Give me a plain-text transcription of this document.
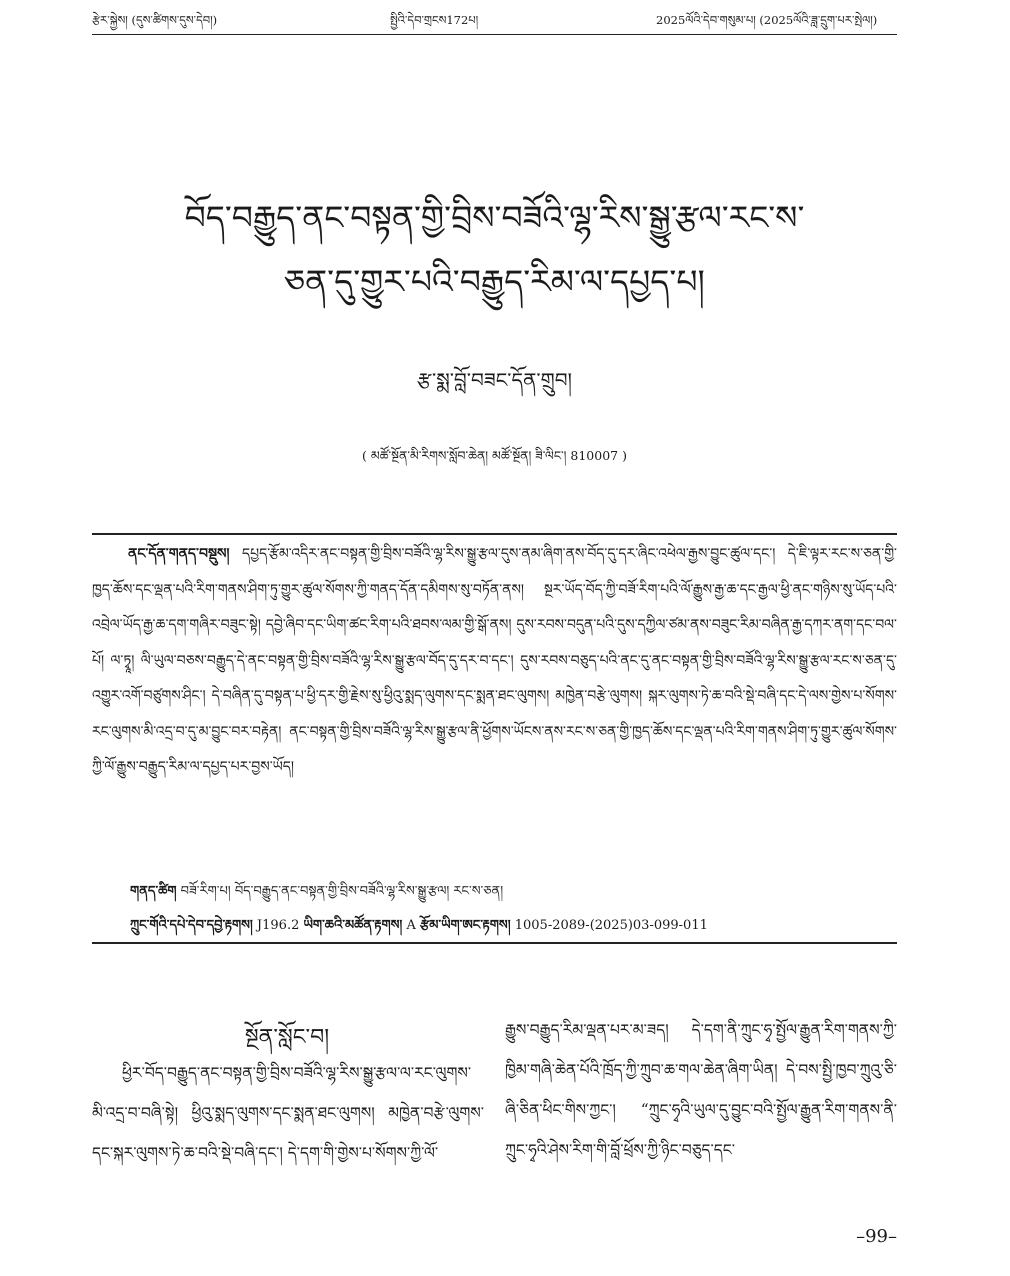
རྩེར་སྐྱེས། (དུས་ཚིགས་དུས་དེབ།)	སྤྱིའི་དེབ་གྲངས172པ།	2025ལོའི་དེབ་གསུམ་པ། (2025ལོའི་ཟླ་དྲུག་པར་སྤེལ།)
བོད་བརྒྱུད་ནང་བསྟན་གྱི་བྲིས་བཟོའི་ལྷ་རིས་སྒྱུ་རྩལ་རང་ས་
ཅན་དུ་གྱུར་པའི་བརྒྱུད་རིམ་ལ་དཔྱད་པ།
རྩ་སྨ་བློ་བཟང་དོན་གྲུབ།
( མཚོ་སྔོན་མི་རིགས་སློབ་ཆེན། མཚོ་སྔོན། ཟི་ལིང་། 810007 )
ནང་དོན་གནད་བསྡུས། དཔྱད་རྩོམ་འདིར་ནང་བསྟན་གྱི་བྲིས་བཟོའི་ལྷ་རིས་སྒྱུ་རྩལ་དུས་ནམ་ཞིག་ནས་བོད་དུ་དར་ཞིང་འཕེལ་རྒྱས་བྱུང་ཚུལ་དང་། དེ་ཇི་ལྟར་རང་ས་ཅན་གྱི་ཁྱད་ཆོས་དང་ལྡན་པའི་རིག་གནས་ཤིག་ཏུ་གྱུར་ཚུལ་སོགས་ཀྱི་གནད་དོན་དམིགས་སུ་བཏོན་ནས། སྔར་ཡོད་བོད་ཀྱི་བཟོ་རིག་པའི་ལོ་རྒྱུས་རྒྱ་ཆ་དང་རྒྱལ་ཕྱི་ནང་གཉིས་སུ་ཡོད་པའི་འབྲེལ་ཡོད་རྒྱ་ཆ་དག་གཞིར་བཟུང་སྟེ། དབྱེ་ཞིབ་དང་ཡིག་ཚང་རིག་པའི་ཐབས་ལམ་གྱི་སྒོ་ནས། དུས་རབས་བདུན་པའི་དུས་དཀྱིལ་ཙམ་ནས་བཟུང་རིམ་བཞིན་རྒྱ་དཀར་ནག་དང་བལ་པོ། ལ་ཏྭཱ། ལི་ཡུལ་བཅས་བརྒྱུད་དེ་ནང་བསྟན་གྱི་བྲིས་བཟོའི་ལྷ་རིས་སྒྱུ་རྩལ་བོད་དུ་དར་བ་དང་། དུས་རབས་བཅུད་པའི་ནང་དུ་ནང་བསྟན་གྱི་བྲིས་བཟོའི་ལྷ་རིས་སྒྱུ་རྩལ་རང་ས་ཅན་དུ་འགྱུར་འགོ་བཙུགས་ཤིང་། དེ་བཞིན་དུ་བསྟན་པ་ཕྱི་དར་གྱི་རྗེས་སུ་ཕྱིའུ་སྨད་ལུགས་དང་སྨན་ཐང་ལུགས། མཁྱེན་བརྩེ་ལུགས། སྐར་ལུགས་ཏེ་ཆ་བའི་སྡེ་བཞི་དང་དེ་ལས་གྱེས་པ་སོགས་རང་ལུགས་མི་འདྲ་བ་དུ་མ་བྱུང་བར་བརྟེན། ནང་བསྟན་གྱི་བྲིས་བཟོའི་ལྷ་རིས་སྒྱུ་རྩལ་ནི་ཕྱོགས་ཡོངས་ནས་རང་ས་ཅན་གྱི་ཁྱད་ཆོས་དང་ལྡན་པའི་རིག་གནས་ཤིག་ཏུ་གྱུར་ཚུལ་སོགས་ཀྱི་ལོ་རྒྱུས་བརྒྱུད་རིམ་ལ་དཔྱད་པར་བྱས་ཡོད།
གནད་ཚིག བཟོ་རིག་པ། བོད་བརྒྱུད་ནང་བསྟན་གྱི་བྲིས་བཟོའི་ལྷ་རིས་སྒྱུ་རྩལ། རང་ས་ཅན།
ཀྲུང་གོའི་དཔེ་དེབ་དབྱེ་རྟགས། J196.2 ཡིག་ཆའི་མཚོན་རྟགས། A རྩོམ་ཡིག་ཨང་རྟགས། 1005-2089-(2025)03-099-011
སྔོན་སློང་བ།
ཕྱིར་བོད་བརྒྱུད་ནང་བསྟན་གྱི་བྲིས་བཟོའི་ལྷ་རིས་སྒྱུ་རྩལ་ལ་རང་ལུགས་མི་འདྲ་བ་བཞི་སྟེ། ཕྱིའུ་སྨད་ལུགས་དང་སྨན་ཐང་ལུགས། མཁྱེན་བརྩེ་ལུགས་དང་སྐར་ལུགས་ཏེ་ཆ་བའི་སྡེ་བཞི་དང་། དེ་དག་གི་གྱེས་པ་སོགས་ཀྱི་ལོ་
རྒྱུས་བརྒྱུད་རིམ་ལྡན་པར་མ་ཟད། དེ་དག་ནི་ཀྲུང་ཧྭ་སྤྱོལ་རྒྱུན་རིག་གནས་ཀྱི་ཁྱིམ་གཞི་ཆེན་པོའི་ཁྲོད་ཀྱི་ཀྲུབ་ཆ་གལ་ཆེན་ཞིག་ཡིན། དེ་བས་སྤྱི་ཁྱབ་ཀྲུའུ་ཅི་ཞི་ཅིན་ཕིང་གིས་ཀྱང་། “ཀྲུང་ཧྭའི་ཡུལ་དུ་བྱུང་བའི་སྤྱོལ་རྒྱུན་རིག་གནས་ནི་ཀྲུང་ཧྭའི་ཤེས་རིག་གི་བློ་ཕྲོས་ཀྱི་ཉིང་བཅུད་དང་
–99–
